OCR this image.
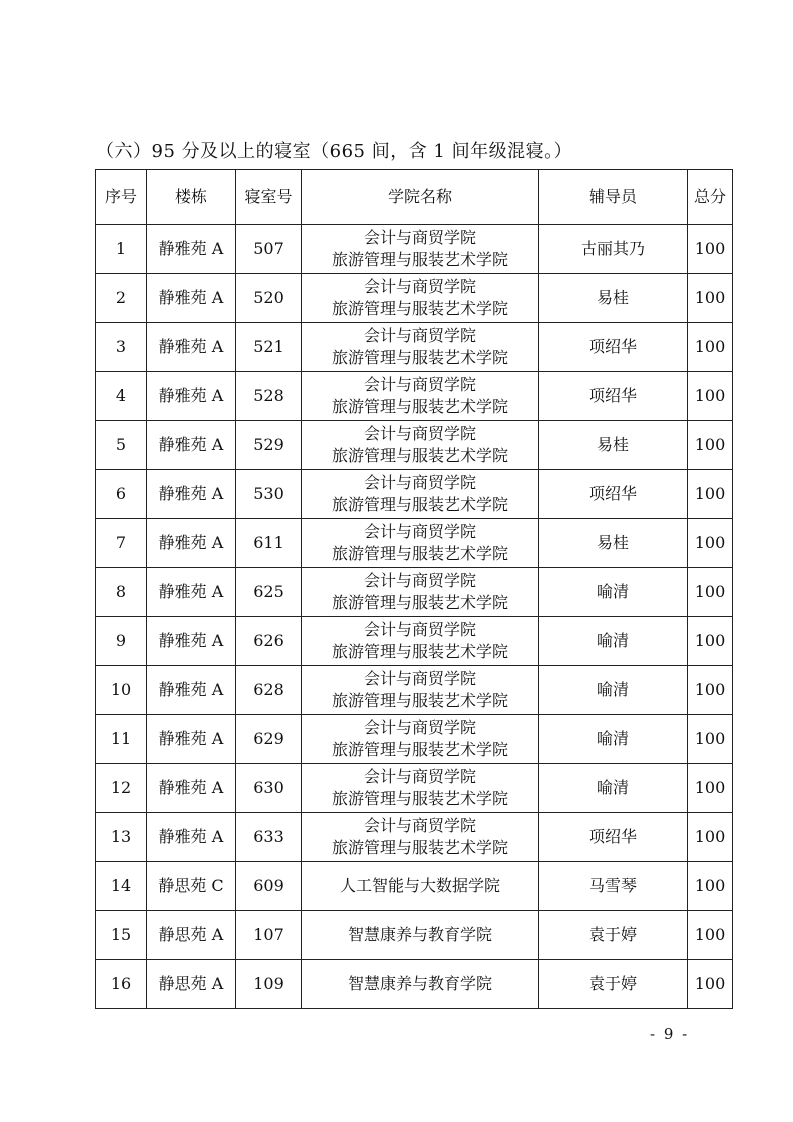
（六）95 分及以上的寝室（665 间，含 1 间年级混寝。）
序号	楼栋	寝室号	学院名称	辅导员	总分
1	静雅苑 A	507	会计与商贸学院
旅游管理与服装艺术学院	古丽其乃	100
2	静雅苑 A	520	会计与商贸学院
旅游管理与服装艺术学院	易桂	100
3	静雅苑 A	521	会计与商贸学院
旅游管理与服装艺术学院	项绍华	100
4	静雅苑 A	528	会计与商贸学院
旅游管理与服装艺术学院	项绍华	100
5	静雅苑 A	529	会计与商贸学院
旅游管理与服装艺术学院	易桂	100
6	静雅苑 A	530	会计与商贸学院
旅游管理与服装艺术学院	项绍华	100
7	静雅苑 A	611	会计与商贸学院
旅游管理与服装艺术学院	易桂	100
8	静雅苑 A	625	会计与商贸学院
旅游管理与服装艺术学院	喻清	100
9	静雅苑 A	626	会计与商贸学院
旅游管理与服装艺术学院	喻清	100
10	静雅苑 A	628	会计与商贸学院
旅游管理与服装艺术学院	喻清	100
11	静雅苑 A	629	会计与商贸学院
旅游管理与服装艺术学院	喻清	100
12	静雅苑 A	630	会计与商贸学院
旅游管理与服装艺术学院	喻清	100
13	静雅苑 A	633	会计与商贸学院
旅游管理与服装艺术学院	项绍华	100
14	静思苑 C	609	人工智能与大数据学院	马雪琴	100
15	静思苑 A	107	智慧康养与教育学院	袁于婷	100
16	静思苑 A	109	智慧康养与教育学院	袁于婷	100
- 9 -
